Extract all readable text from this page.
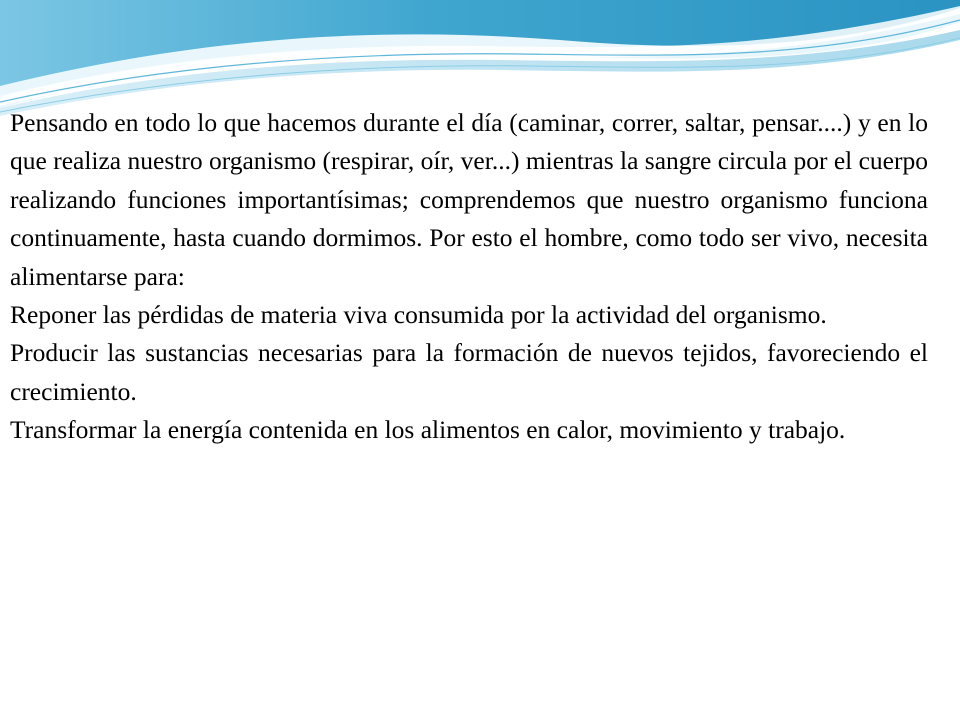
Pensando en todo lo que hacemos durante el día (caminar, correr, saltar, pensar....) y en lo que realiza nuestro organismo (respirar, oír, ver...) mientras la sangre circula por el cuerpo realizando funciones importantísimas; comprendemos que nuestro organismo funciona continuamente, hasta cuando dormimos. Por esto el hombre, como todo ser vivo, necesita alimentarse para:

Reponer las pérdidas de materia viva consumida por la actividad del organismo.

Producir las sustancias necesarias para la formación de nuevos tejidos, favoreciendo el crecimiento.

Transformar la energía contenida en los alimentos en calor, movimiento y trabajo.
